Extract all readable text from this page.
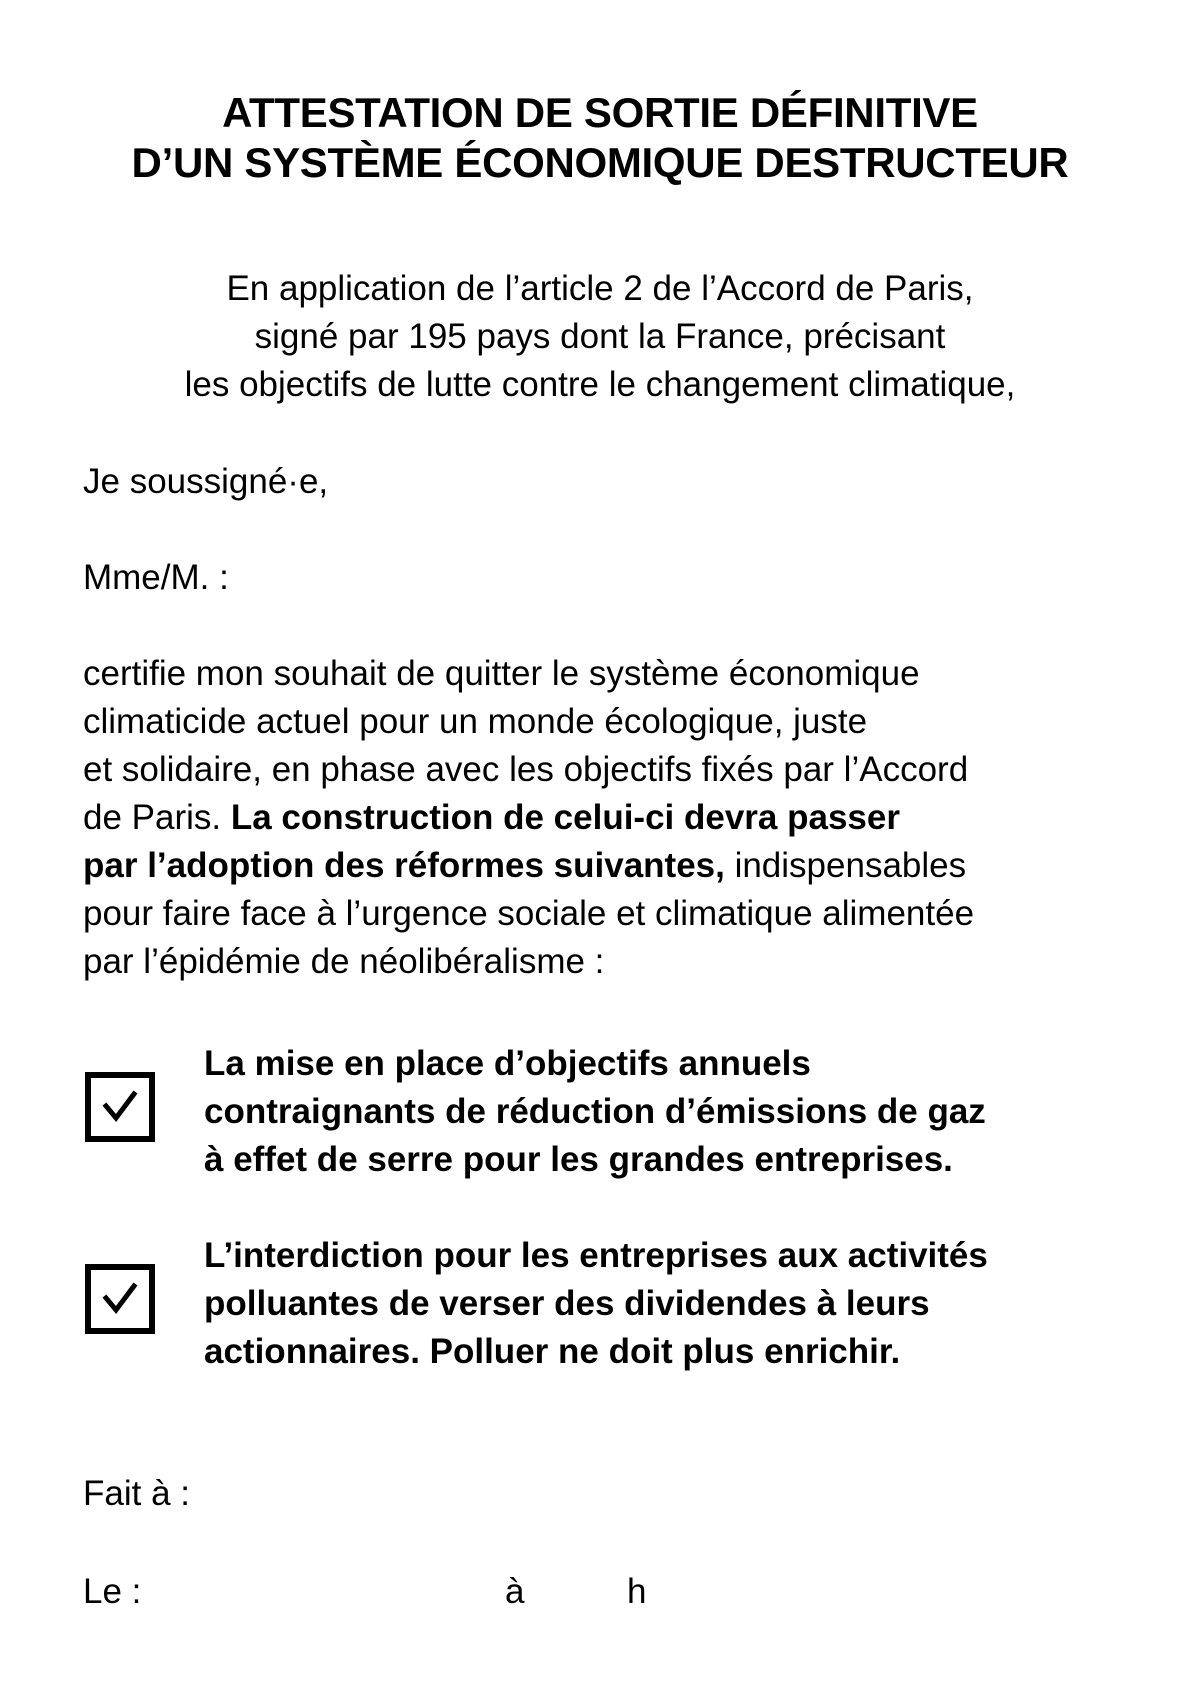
ATTESTATION DE SORTIE DÉFINITIVE
D’UN SYSTÈME ÉCONOMIQUE DESTRUCTEUR
En application de l’article 2 de l’Accord de Paris,
signé par 195 pays dont la France, précisant
les objectifs de lutte contre le changement climatique,
Je soussigné·e,
Mme/M. :
certifie mon souhait de quitter le système économique
climaticide actuel pour un monde écologique, juste
et solidaire, en phase avec les objectifs fixés par l’Accord
de Paris. La construction de celui-ci devra passer
par l’adoption des réformes suivantes, indispensables
pour faire face à l’urgence sociale et climatique alimentée
par l’épidémie de néolibéralisme :
La mise en place d’objectifs annuels
contraignants de réduction d’émissions de gaz
à effet de serre pour les grandes entreprises.
L’interdiction pour les entreprises aux activités
polluantes de verser des dividendes à leurs
actionnaires. Polluer ne doit plus enrichir.
Fait à :
Le :	à	h
